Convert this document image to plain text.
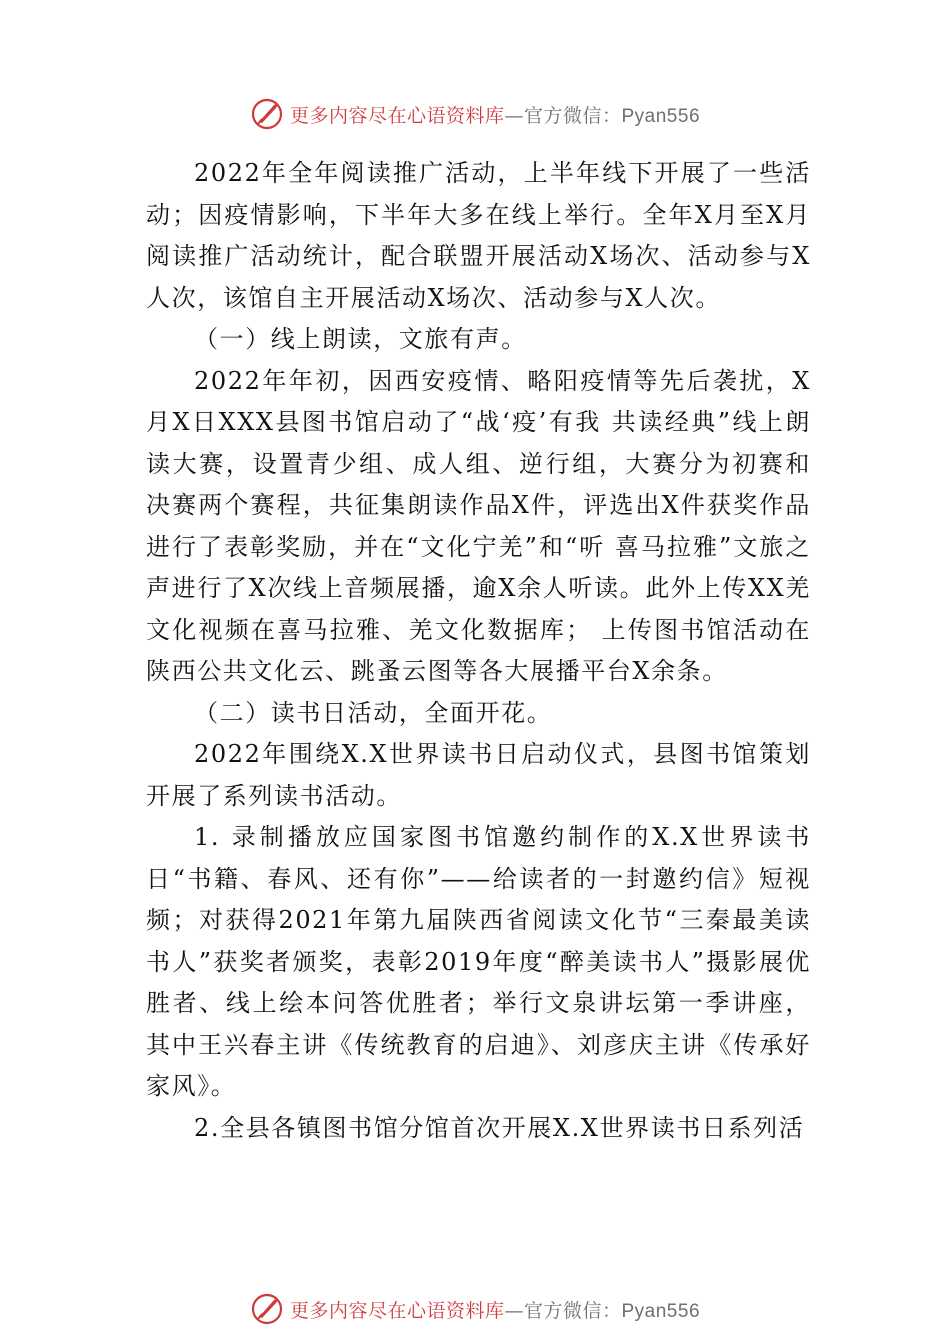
更多内容尽在心语资料库—官方微信：Pyan556

2022年全年阅读推广活动，上半年线下开展了一些活动；因疫情影响，下半年大多在线上举行。全年X月至X月阅读推广活动统计，配合联盟开展活动X场次、活动参与X人次，该馆自主开展活动X场次、活动参与X人次。

（一）线上朗读，文旅有声。

2022年年初，因西安疫情、略阳疫情等先后袭扰，X月X日XXX县图书馆启动了“战‘疫’有我 共读经典”线上朗读大赛，设置青少组、成人组、逆行组，大赛分为初赛和决赛两个赛程，共征集朗读作品X件，评选出X件获奖作品进行了表彰奖励，并在“文化宁羌”和“听 喜马拉雅”文旅之声进行了X次线上音频展播，逾X余人听读。此外上传XX羌文化视频在喜马拉雅、羌文化数据库； 上传图书馆活动在陕西公共文化云、跳蚤云图等各大展播平台X余条。

（二）读书日活动，全面开花。

2022年围绕X.X世界读书日启动仪式，县图书馆策划开展了系列读书活动。

1. 录制播放应国家图书馆邀约制作的X.X世界读书日“书籍、春风、还有你”——给读者的一封邀约信》短视频；对获得2021年第九届陕西省阅读文化节“三秦最美读书人”获奖者颁奖，表彰2019年度“醉美读书人”摄影展优胜者、线上绘本问答优胜者；举行文泉讲坛第一季讲座，其中王兴春主讲《传统教育的启迪》、刘彦庆主讲《传承好家风》。

2.全县各镇图书馆分馆首次开展X.X世界读书日系列活

更多内容尽在心语资料库—官方微信：Pyan556
